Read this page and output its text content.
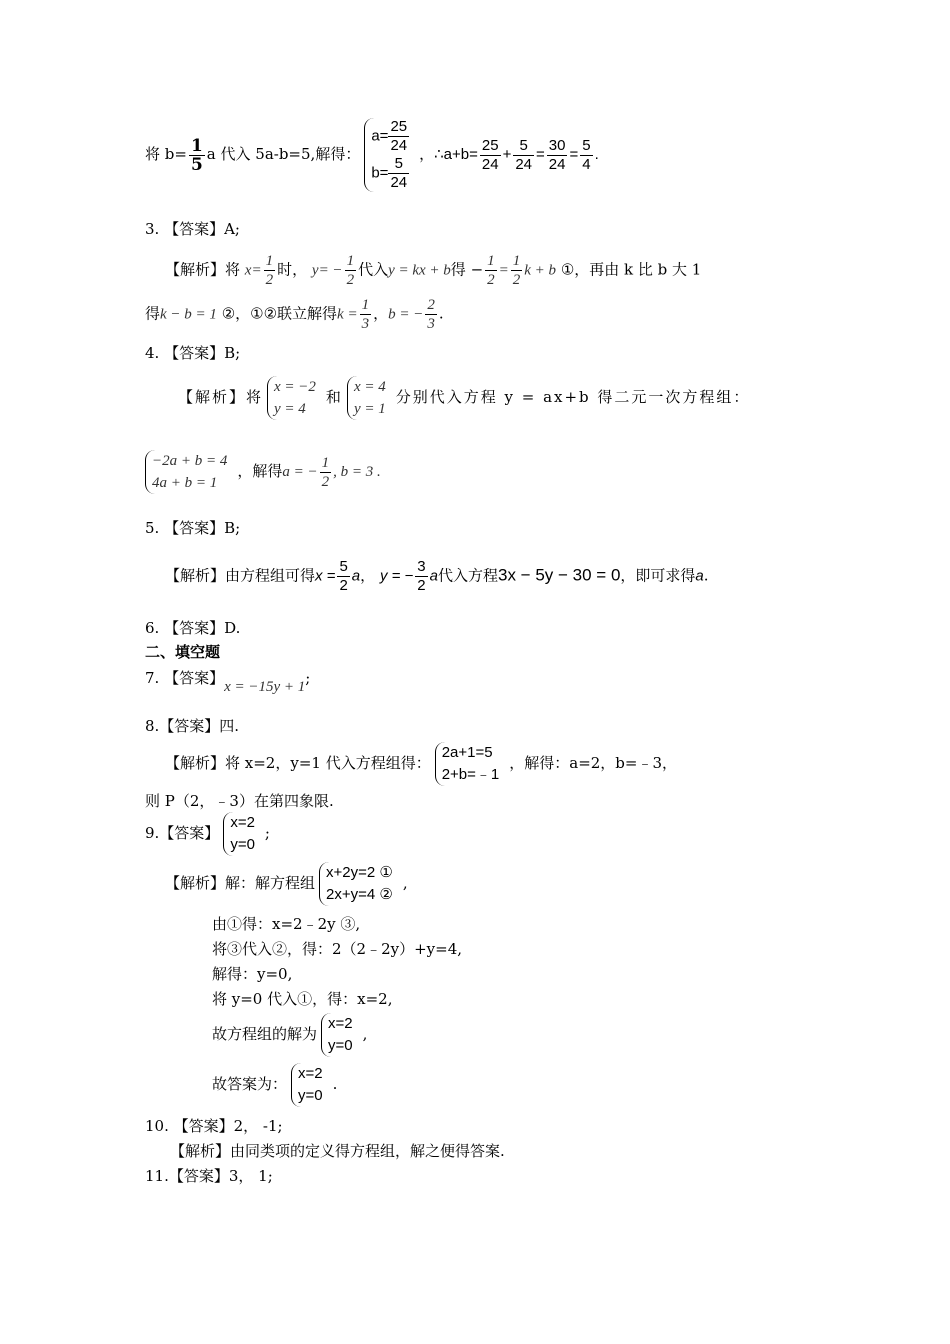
将 $b= \frac{1}{5}$ a 代入 5a-b=5,解得：
$a= \frac{25}{24}$
$b= \frac{5}{24}$
，∴a+b= $\frac{25}{24} + \frac{5}{24} = \frac{30}{24} = \frac{5}{4}$ .
3. 【答案】A;
【解析】将 $x= \frac{1}{2}$ 时， $y= - \frac{1}{2}$ 代入y = kx + b得 − $\frac{1}{2} = \frac{1}{2}$ k + b ①，再由 k 比 b 大 1
得k − b = 1 ②，①②联立解得$k = \frac{1}{3}$ ，b = − $\frac{2}{3}$ .
4. 【答案】B;
【解析】将
x = −2
y = 4
和
x = 4
y = 1
分别代入方程 y = ax+b 得二元一次方程组：
−2a + b = 4
4a + b = 1
，解得a = − $\frac{1}{2}$ , b = 3 .
5. 【答案】B;
【解析】由方程组可得$x = \frac{5}{2}$ a， y = − $\frac{3}{2}$ a代入方程3x − 5y − 30 = 0，即可求得a.
6. 【答案】D.
二、填空题
7. 【答案】x = −15y + 1;
8.【答案】四.
【解析】将 x=2，y=1 代入方程组得：
2a+1=5
2+b=﹣1
，解得：a=2，b=﹣3，
则 P（2，﹣3）在第四象限.
9.【答案】
x=2
y=0
;
【解析】解：解方程组
x+2y=2 ①
2x+y=4 ②
,
由①得：x=2﹣2y ③,
将③代入②，得：2（2﹣2y）+y=4,
解得：y=0,
将 y=0 代入①，得：x=2,
故方程组的解为
x=2
y=0
,
故答案为：
x=2
y=0
.
10. 【答案】2， -1;
【解析】由同类项的定义得方程组，解之便得答案.
11.【答案】3， 1;
